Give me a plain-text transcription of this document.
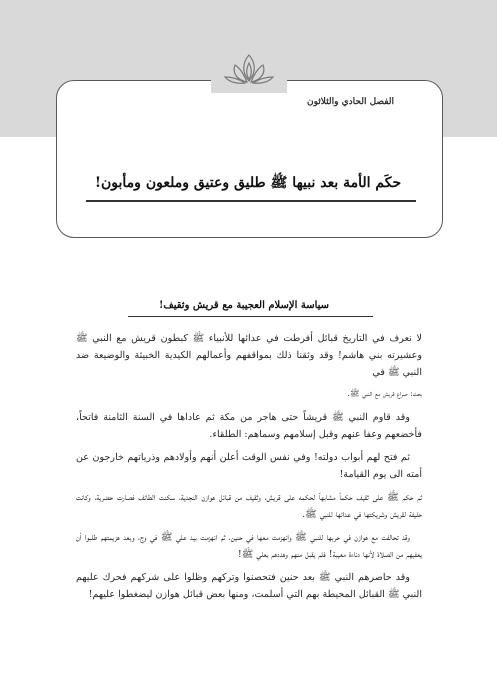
الفصل الحادي والثلاثون
حكَم الأمة بعد نبيها ﷺ طليق وعتيق وملعون ومأبون!
سياسة الإسلام العجيبة مع قريش وثقيف!

لا نعرف في التاريخ قبائل أفرطت في عدائها للأنبياء ﷺ كبطون قريش مع النبي ﷺ وعشيرته بني هاشم! وقد وثقنا ذلك بمواقفهم وأعمالهم الكيدية الخبيثة والوضيعة ضد النبي ﷺ في

بحث: صراع قريش مع النبي ﷺ.

وقد قاوم النبي ﷺ قريشاً حتى هاجر من مكة ثم عاداها في السنة الثامنة فاتحاً، فأخضعهم وعفا عنهم وقبل إسلامهم وسماهم: الطلقاء.

ثم فتح لهم أبواب دولته! وفي نفس الوقت أعلن أنهم وأولادهم وذرياتهم خارجون عن أمته الى يوم القيامة!

ثم حكم ﷺ على ثقيف حكماً مشابهاً لحكمه على قريش، وثقيف من قبائل هوازن النجدية، سكنت الطائف فصارت حضرية، وكانت حليفة لقريش وشريكتها في عدائها للنبي ﷺ.

وقد تحالفت مع هوازن في حربها للنبي ﷺ وانهزمت معها في حنين، ثم انهزمت بيد علي ﷺ في وج، وبعد هزيمتهم طلبوا أن يعفيهم من الصلاة لأنها دناءة معيبة! فلم يقبل منهم وهددهم بعلي ﷺ!

وقد حاصرهم النبي ﷺ بعد حنين فتحصنوا وتركهم وظلوا على شركهم فحرك عليهم النبي ﷺ القبائل المحيطة بهم التي أسلمت، ومنها بعض قبائل هوازن ليضغطوا عليهم!
